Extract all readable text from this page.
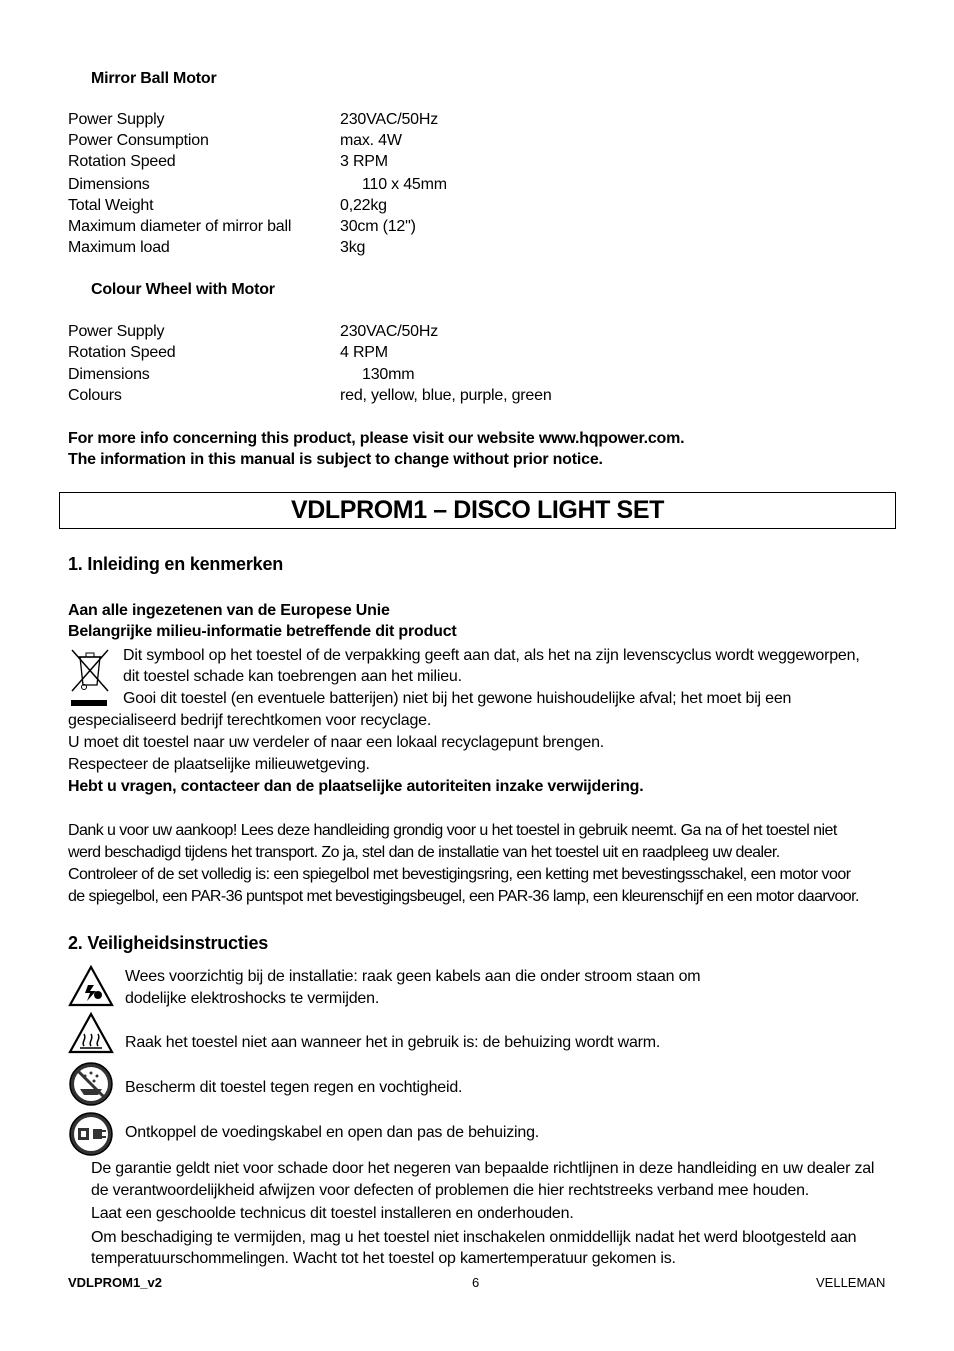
Mirror Ball Motor
Power Supply	230VAC/50Hz
Power Consumption	max. 4W
Rotation Speed	3 RPM
Dimensions	110 x 45mm
Total Weight	0,22kg
Maximum diameter of mirror ball	30cm (12")
Maximum load	3kg
Colour Wheel with Motor
Power Supply	230VAC/50Hz
Rotation Speed	4 RPM
Dimensions	130mm
Colours	red, yellow, blue, purple, green
For more info concerning this product, please visit our website www.hqpower.com.
The information in this manual is subject to change without prior notice.
VDLPROM1 – DISCO LIGHT SET
1. Inleiding en kenmerken
Aan alle ingezetenen van de Europese Unie
Belangrijke milieu-informatie betreffende dit product
Dit symbool op het toestel of de verpakking geeft aan dat, als het na zijn levenscyclus wordt weggeworpen,
dit toestel schade kan toebrengen aan het milieu.
Gooi dit toestel (en eventuele batterijen) niet bij het gewone huishoudelijke afval; het moet bij een
gespecialiseerd bedrijf terechtkomen voor recyclage.
U moet dit toestel naar uw verdeler of naar een lokaal recyclagepunt brengen.
Respecteer de plaatselijke milieuwetgeving.
Hebt u vragen, contacteer dan de plaatselijke autoriteiten inzake verwijdering.
Dank u voor uw aankoop! Lees deze handleiding grondig voor u het toestel in gebruik neemt. Ga na of het toestel niet
werd beschadigd tijdens het transport. Zo ja, stel dan de installatie van het toestel uit en raadpleeg uw dealer.
Controleer of de set volledig is: een spiegelbol met bevestigingsring, een ketting met bevestingsschakel, een motor voor
de spiegelbol, een PAR-36 puntspot met bevestigingsbeugel, een PAR-36 lamp, een kleurenschijf en een motor daarvoor.
2. Veiligheidsinstructies
Wees voorzichtig bij de installatie: raak geen kabels aan die onder stroom staan om
dodelijke elektroshocks te vermijden.
Raak het toestel niet aan wanneer het in gebruik is: de behuizing wordt warm.
Bescherm dit toestel tegen regen en vochtigheid.
Ontkoppel de voedingskabel en open dan pas de behuizing.
De garantie geldt niet voor schade door het negeren van bepaalde richtlijnen in deze handleiding en uw dealer zal
de verantwoordelijkheid afwijzen voor defecten of problemen die hier rechtstreeks verband mee houden.
Laat een geschoolde technicus dit toestel installeren en onderhouden.
Om beschadiging te vermijden, mag u het toestel niet inschakelen onmiddellijk nadat het werd blootgesteld aan
temperatuurschommelingen. Wacht tot het toestel op kamertemperatuur gekomen is.
VDLPROM1_v2	6	VELLEMAN
